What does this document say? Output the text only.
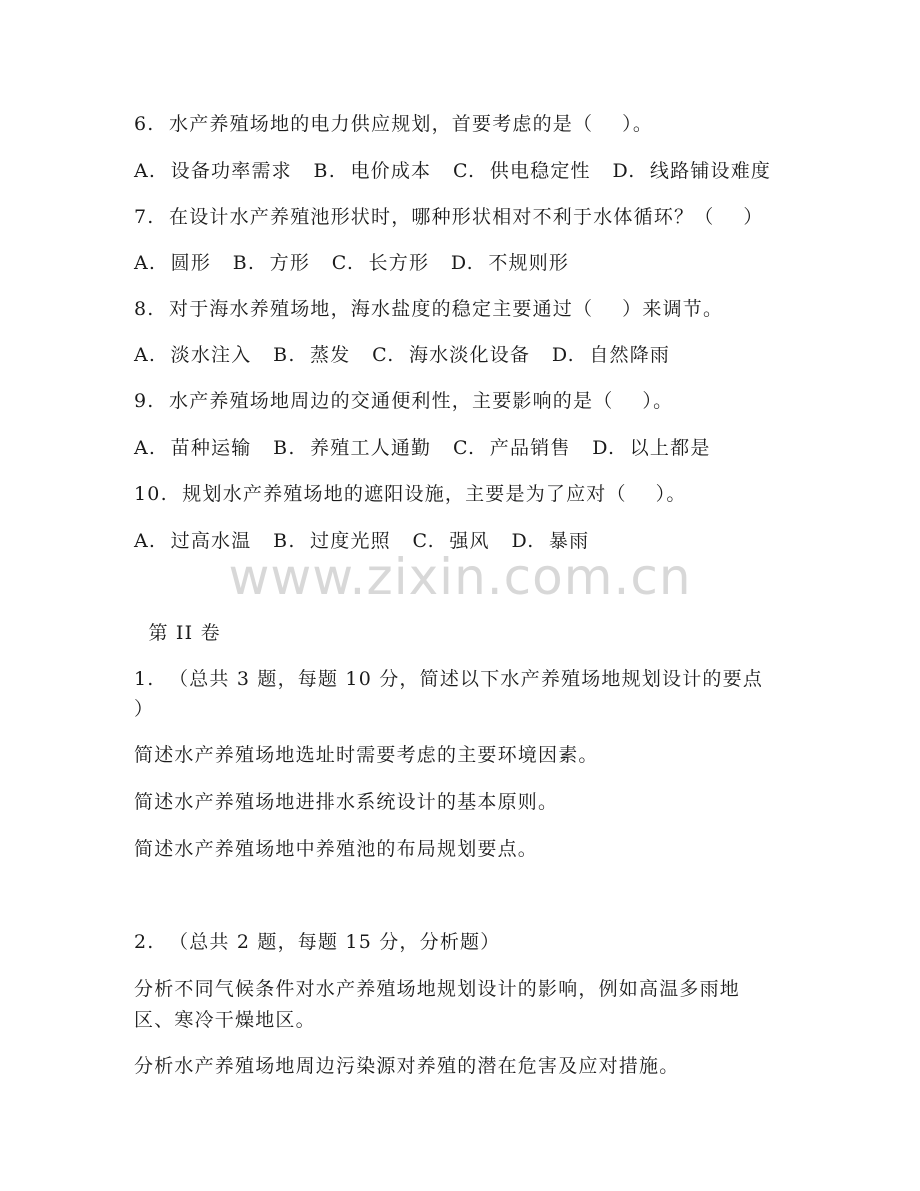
6.  水产养殖场地的电力供应规划，首要考虑的是（    ）。

A.  设备功率需求   B.  电价成本   C.  供电稳定性   D.  线路铺设难度

7.  在设计水产养殖池形状时，哪种形状相对不利于水体循环？（    ）

A.  圆形   B.  方形   C.  长方形   D.  不规则形

8.  对于海水养殖场地，海水盐度的稳定主要通过（    ）来调节。

A.  淡水注入   B.  蒸发   C.  海水淡化设备   D.  自然降雨

9.  水产养殖场地周边的交通便利性，主要影响的是（    ）。

A.  苗种运输   B.  养殖工人通勤   C.  产品销售   D.  以上都是

10.  规划水产养殖场地的遮阳设施，主要是为了应对（    ）。

A.  过高水温   B.  过度光照   C.  强风   D.  暴雨

www.zixin.com.cn

第 II 卷

1.  （总共 3 题，每题 10 分，简述以下水产养殖场地规划设计的要点

）

简述水产养殖场地选址时需要考虑的主要环境因素。

简述水产养殖场地进排水系统设计的基本原则。

简述水产养殖场地中养殖池的布局规划要点。

2.  （总共 2 题，每题 15 分，分析题）

分析不同气候条件对水产养殖场地规划设计的影响，例如高温多雨地

区、寒冷干燥地区。

分析水产养殖场地周边污染源对养殖的潜在危害及应对措施。
